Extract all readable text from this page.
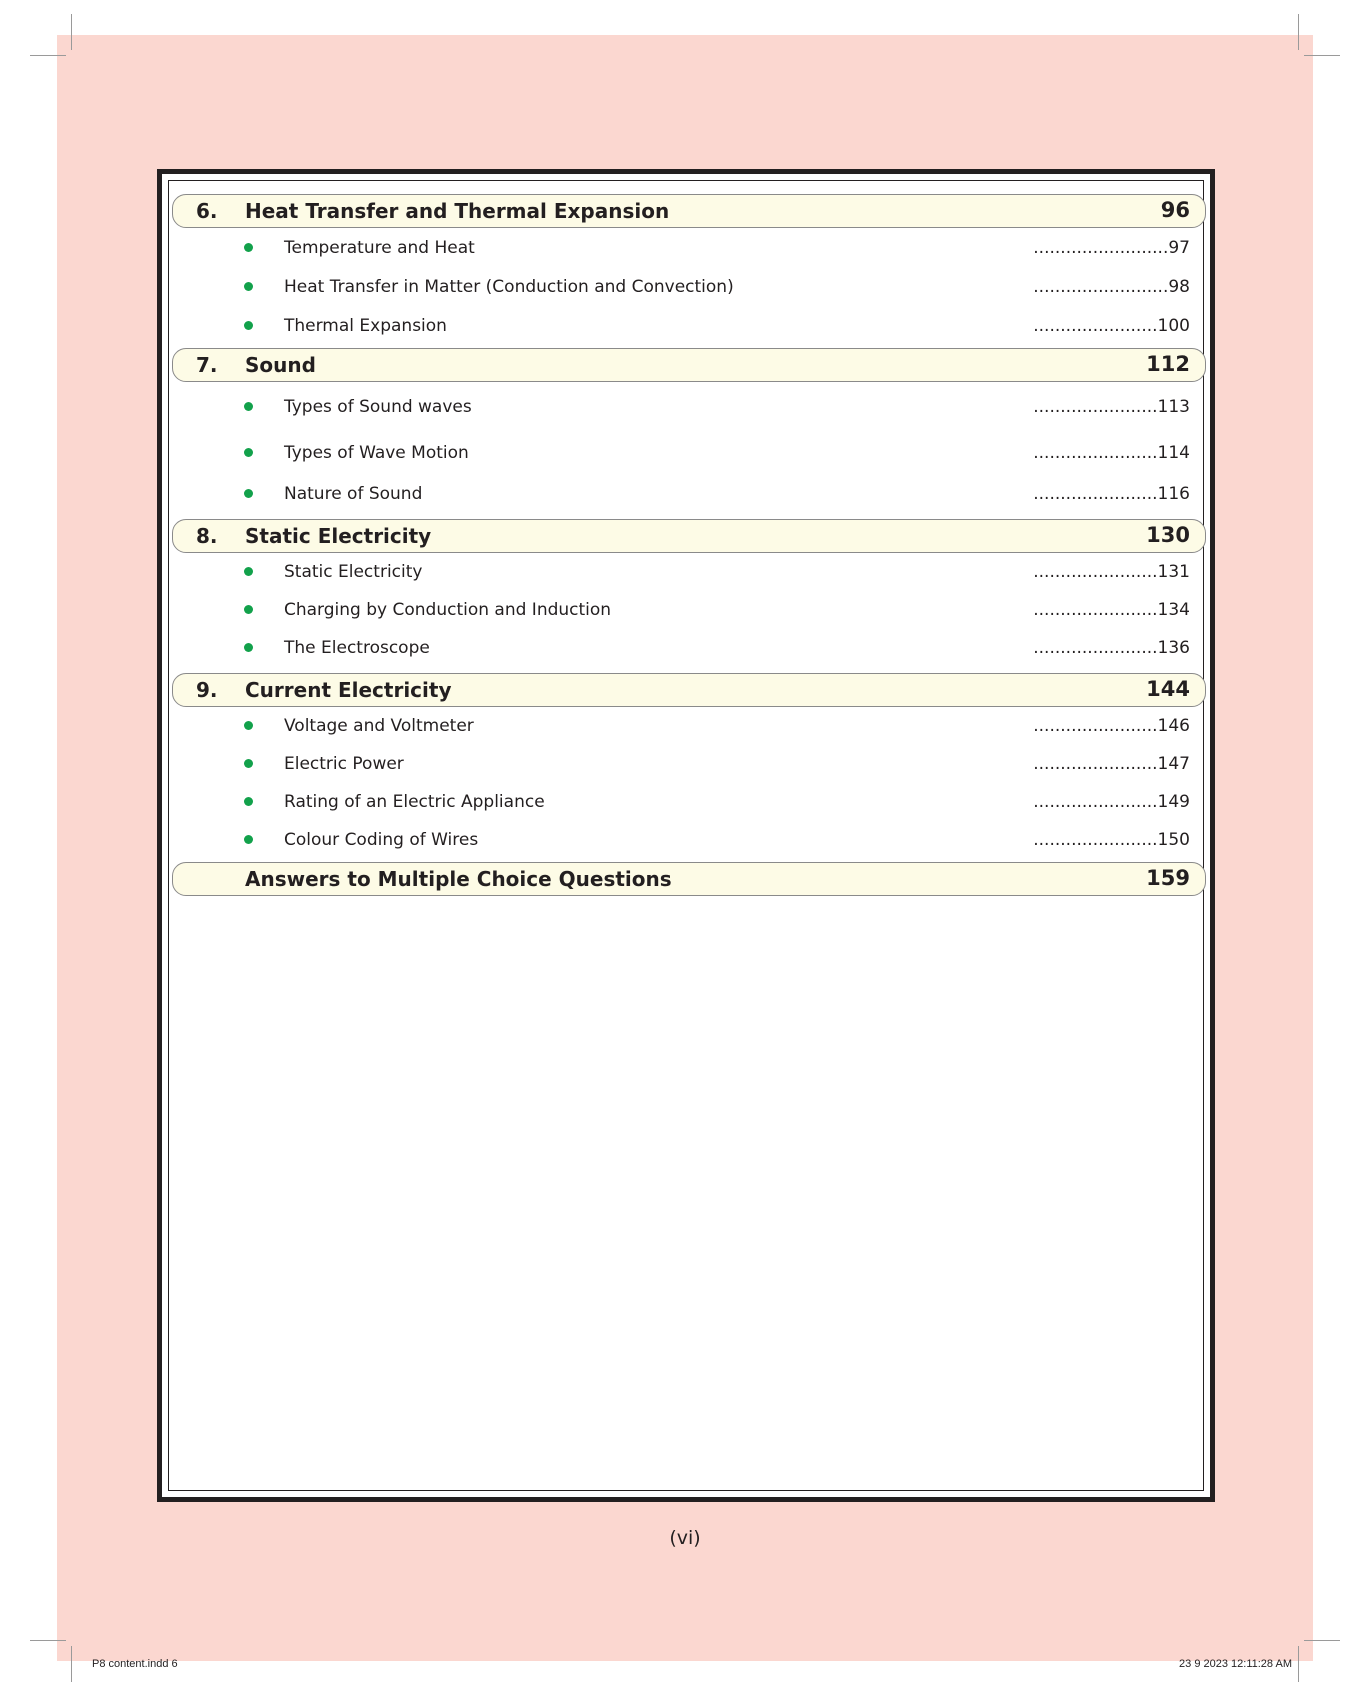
6. Heat Transfer and Thermal Expansion	96
Temperature and Heat	.........................97
Heat Transfer in Matter (Conduction and Convection)	.........................98
Thermal Expansion	.......................100
7. Sound	112
Types of Sound waves	.......................113
Types of Wave Motion	.......................114
Nature of Sound	.......................116
8. Static Electricity	130
Static Electricity	.......................131
Charging by Conduction and Induction	.......................134
The Electroscope	.......................136
9. Current Electricity	144
Voltage and Voltmeter	.......................146
Electric Power	.......................147
Rating of an Electric Appliance	.......................149
Colour Coding of Wires	.......................150
Answers to Multiple Choice Questions	159
(vi)
P8 content.indd 6	23 9 2023 12:11:28 AM
